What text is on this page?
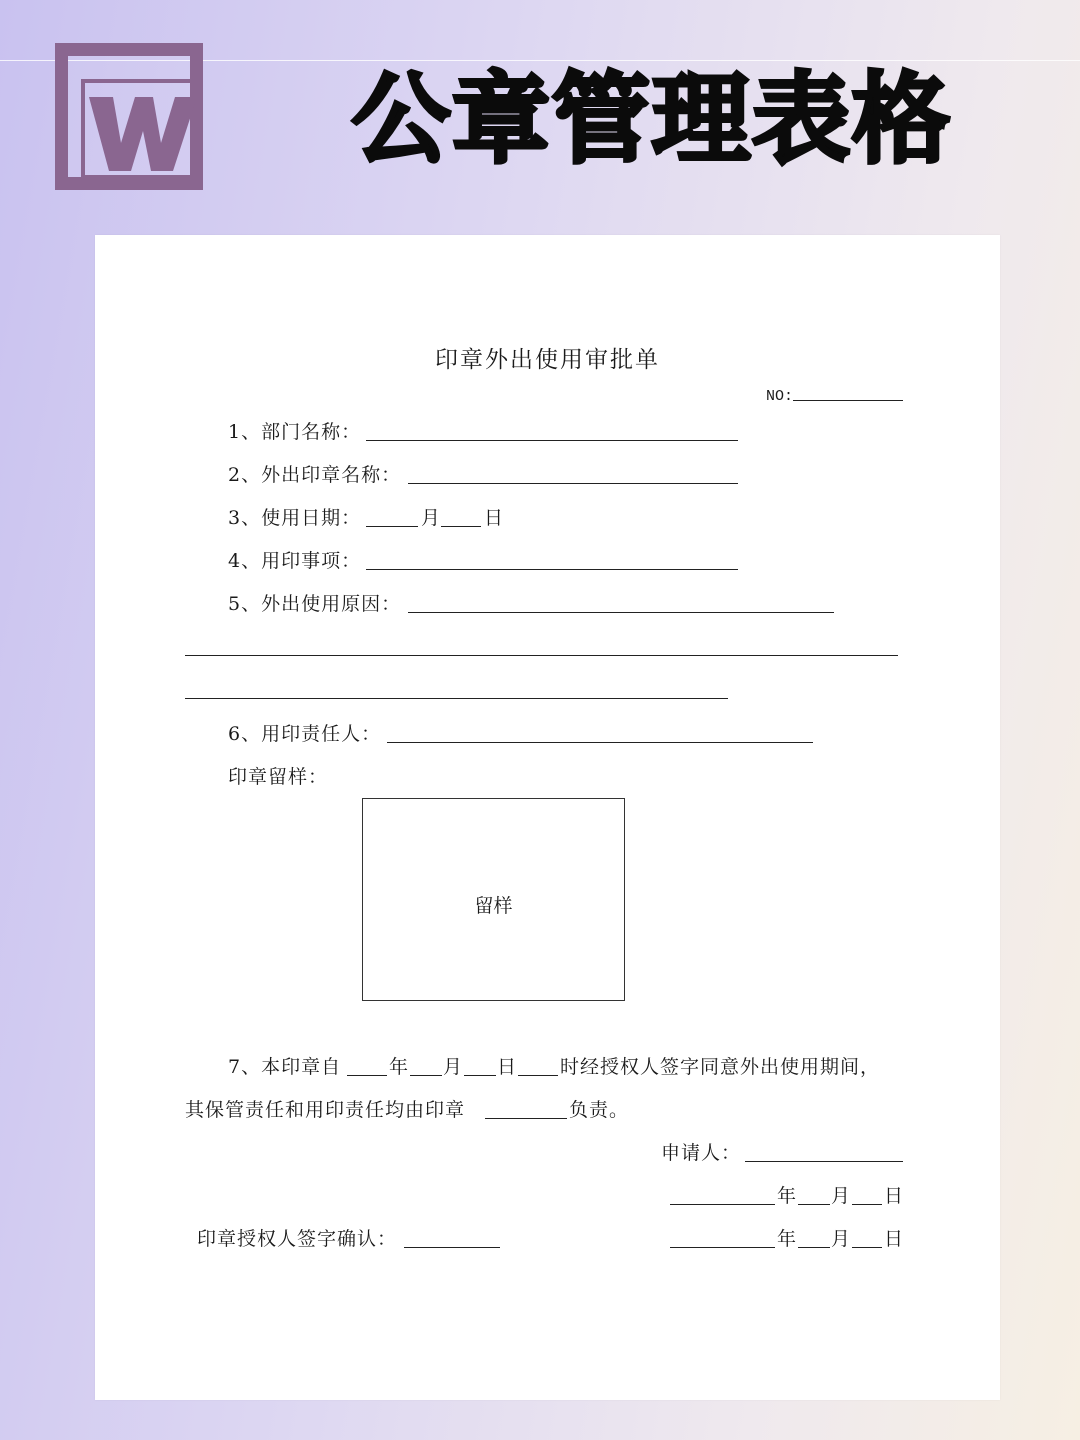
公章管理表格
印章外出使用审批单
NO:
1、部门名称：
2、外出印章名称：
3、使用日期：	月 日
4、用印事项：
5、外出使用原因：
6、用印责任人：
印章留样：
留样
7、本印章自	年 月 日 时经授权人签字同意外出使用期间，
其保管责任和用印责任均由印章	负责。
申请人：
年 月 日
印章授权人签字确认：	年 月 日
